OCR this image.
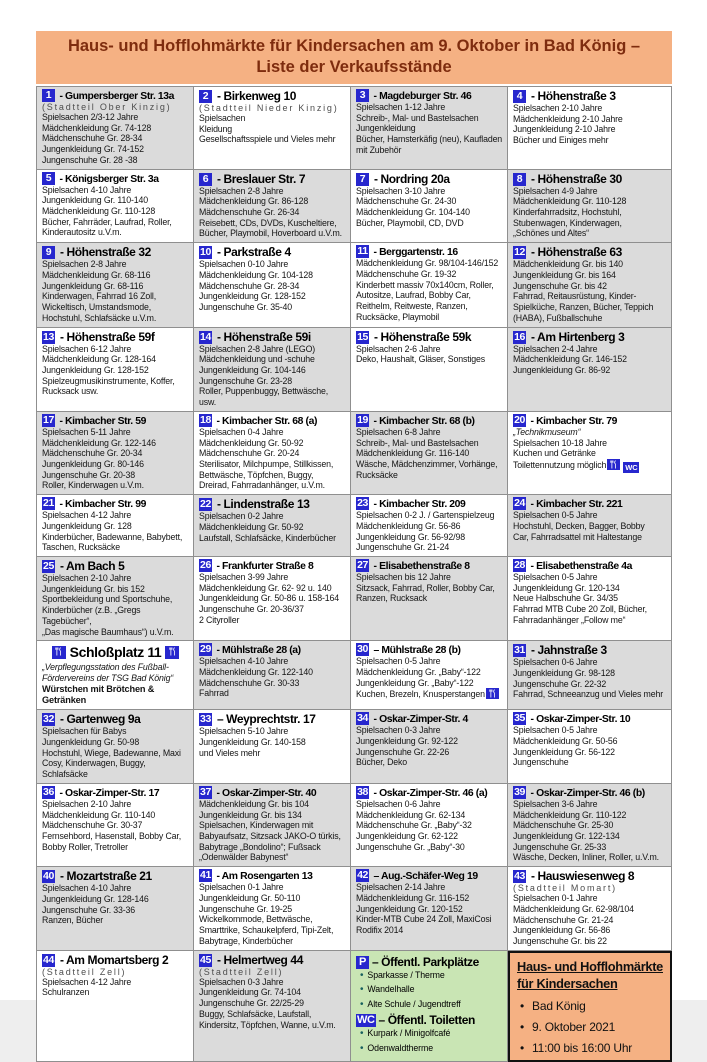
Haus- und Hofflohmärkte für Kindersachen am 9. Oktober in Bad König –
Liste der Verkaufsstände
1 - Gumpersberger Str. 13a
(Stadtteil Ober Kinzig)
Spielsachen 2/3-12 Jahre
Mädchenkleidung Gr. 74-128
Mädchenschuhe Gr. 28-34
Jungenkleidung Gr. 74-152
Jungenschuhe Gr. 28 -38
2 - Birkenweg 10
(Stadtteil Nieder Kinzig)
Spielsachen
Kleidung
Gesellschaftsspiele und Vieles mehr
3 - Magdeburger Str. 46
Spielsachen 1-12 Jahre
Schreib-, Mal- und Bastelsachen
Jungenkleidung
Bücher, Hamsterkäfig (neu), Kaufladen
mit Zubehör
4 - Höhenstraße 3
Spielsachen 2-10 Jahre
Mädchenkleidung 2-10 Jahre
Jungenkleidung 2-10 Jahre
Bücher und Einiges mehr
5 - Königsberger Str. 3a
Spielsachen 4-10 Jahre
Jungenkleidung Gr. 110-140
Mädchenkleidung Gr. 110-128
Bücher, Fahrräder, Laufrad, Roller,
Kinderautositz u.V.m.
6 - Breslauer Str. 7
Spielsachen 2-8 Jahre
Mädchenkleidung Gr. 86-128
Mädchenschuhe Gr. 26-34
Reisebett, CDs, DVDs, Kuscheltiere,
Bücher, Playmobil, Hoverboard u.V.m.
7 - Nordring 20a
Spielsachen 3-10 Jahre
Mädchenschuhe Gr. 24-30
Mädchenkleidung Gr. 104-140
Bücher, Playmobil, CD, DVD
8 - Höhenstraße 30
Spielsachen 4-9 Jahre
Mädchenkleidung Gr. 110-128
Kinderfahrradsitz, Hochstuhl,
Stubenwagen, Kinderwagen,
„Schönes und Altes“
9 - Höhenstraße 32
Spielsachen 2-8 Jahre
Mädchenkleidung Gr. 68-116
Jungenkleidung Gr. 68-116
Kinderwagen, Fahrrad 16 Zoll,
Wickeltisch, Umstandsmode,
Hochstuhl, Schlafsäcke u.V.m.
10 - Parkstraße 4
Spielsachen 0-10 Jahre
Mädchenkleidung Gr. 104-128
Mädchenschuhe Gr. 28-34
Jungenkleidung Gr. 128-152
Jungenschuhe Gr. 35-40
11 - Berggartenstr. 16
Mädchenkleidung Gr. 98/104-146/152
Mädchenschuhe Gr. 19-32
Kinderbett massiv 70x140cm, Roller,
Autositze, Laufrad, Bobby Car,
Reithelm, Reitweste, Ranzen,
Rucksäcke, Playmobil
12 - Höhenstraße 63
Mädchenkleidung Gr. bis 140
Jungenkleidung Gr. bis 164
Jungenschuhe Gr. bis 42
Fahrrad, Reitausrüstung, Kinder-
Spielküche, Ranzen, Bücher, Teppich
(HABA), Fußballschuhe
13 - Höhenstraße 59f
Spielsachen 6-12 Jahre
Mädchenkleidung Gr. 128-164
Jungenkleidung Gr. 128-152
Spielzeugmusikinstrumente, Koffer,
Rucksack usw.
14 - Höhenstraße 59i
Spielsachen 2-8 Jahre (LEGO)
Mädchenkleidung und -schuhe
Jungenkleidung Gr. 104-146
Jungenschuhe Gr. 23-28
Roller, Puppenbuggy, Bettwäsche, usw.
15 - Höhenstraße 59k
Spielsachen 2-6 Jahre
Deko, Haushalt, Gläser, Sonstiges
16 - Am Hirtenberg 3
Spielsachen 2-4 Jahre
Mädchenkleidung Gr. 146-152
Jungenkleidung Gr. 86-92
17 - Kimbacher Str. 59
Spielsachen 5-11 Jahre
Mädchenkleidung Gr. 122-146
Mädchenschuhe Gr. 20-34
Jungenkleidung Gr. 80-146
Jungenschuhe Gr. 20-38
Roller, Kinderwagen u.V.m.
18 - Kimbacher Str. 68 (a)
Spielsachen 0-4 Jahre
Mädchenkleidung Gr. 50-92
Mädchenschuhe Gr. 20-24
Sterilisator, Milchpumpe, Stillkissen,
Bettwäsche, Töpfchen, Buggy,
Dreirad, Fahrradanhänger, u.V.m.
19 - Kimbacher Str. 68 (b)
Spielsachen 6-8 Jahre
Schreib-, Mal- und Bastelsachen
Mädchenkleidung Gr. 116-140
Wäsche, Mädchenzimmer, Vorhänge,
Rucksäcke
20 - Kimbacher Str. 79
„Technikmuseum“
Spielsachen 10-18 Jahre
Kuchen und Getränke
Toilettennutzung möglich	WC
21 - Kimbacher Str. 99
Spielsachen 4-12 Jahre
Jungenkleidung Gr. 128
Kinderbücher, Badewanne, Babybett,
Taschen, Rucksäcke
22 - Lindenstraße 13
Spielsachen 0-2 Jahre
Mädchenkleidung Gr. 50-92
Laufstall, Schlafsäcke, Kinderbücher
23 - Kimbacher Str. 209
Spielsachen 0-2 J. / Gartenspielzeug
Mädchenkleidung Gr. 56-86
Jungenkleidung Gr. 56-92/98
Jungenschuhe Gr. 21-24
24 - Kimbacher Str. 221
Spielsachen 0-5 Jahre
Hochstuhl, Decken, Bagger, Bobby
Car, Fahrradsattel mit Haltestange
25 - Am Bach 5
Spielsachen 2-10 Jahre
Jungenkleidung Gr. bis 152
Sportbekleidung und Sportschuhe,
Kinderbücher (z.B. „Gregs Tagebücher“,
„Das magische Baumhaus“) u.V.m.
26 - Frankfurter Straße 8
Spielsachen 3-99 Jahre
Mädchenkleidung Gr. 62- 92 u. 140
Jungenkleidung Gr. 50-86 u. 158-164
Jungenschuhe Gr. 20-36/37
2 Cityroller
27 - Elisabethenstraße 8
Spielsachen bis 12 Jahre
Sitzsack, Fahrrad, Roller, Bobby Car,
Ranzen, Rucksack
28 - Elisabethenstraße 4a
Spielsachen 0-5 Jahre
Jungenkleidung Gr. 120-134
Neue Halbschuhe Gr. 34/35
Fahrrad MTB Cube 20 Zoll, Bücher,
Fahrradanhänger „Follow me“
Schloßplatz 11
„Verpflegungsstation des Fußball-
Fördervereins der TSG Bad König“
Würstchen mit Brötchen & Getränken
29 - Mühlstraße 28 (a)
Spielsachen 4-10 Jahre
Mädchenkleidung Gr. 122-140
Mädchenschuhe Gr. 30-33
Fahrrad
30 – Mühlstraße 28 (b)
Spielsachen 0-5 Jahre
Mädchenkleidung Gr. „Baby“-122
Jungenkleidung Gr. „Baby“-122
Kuchen, Brezeln, Knusperstangen
31 - Jahnstraße 3
Spielsachen 0-6 Jahre
Jungenkleidung Gr. 98-128
Jungenschuhe Gr. 22-32
Fahrrad, Schneeanzug und Vieles mehr
32 - Gartenweg 9a
Spielsachen für Babys
Jungenkleidung Gr. 50-98
Hochstuhl, Wiege, Badewanne, Maxi
Cosy, Kinderwagen, Buggy, Schlafsäcke
33 – Weyprechtstr. 17
Spielsachen 5-10 Jahre
Jungenkleidung Gr. 140-158
und Vieles mehr
34 - Oskar-Zimper-Str. 4
Spielsachen 0-3 Jahre
Jungenkleidung Gr. 92-122
Jungenschuhe Gr. 22-26
Bücher, Deko
35 - Oskar-Zimper-Str. 10
Spielsachen 0-5 Jahre
Mädchenkleidung Gr. 50-56
Jungenkleidung Gr. 56-122
Jungenschuhe
36 - Oskar-Zimper-Str. 17
Spielsachen 2-10 Jahre
Mädchenkleidung Gr. 110-140
Mädchenschuhe Gr. 30-37
Fernsehbord, Hasenstall, Bobby Car,
Bobby Roller, Tretroller
37 - Oskar-Zimper-Str. 40
Mädchenkleidung Gr. bis 104
Jungenkleidung Gr. bis 134
Spielsachen, Kinderwagen mit
Babyaufsatz, Sitzsack JAKO-O türkis,
Babytrage „Bondolino“; Fußsack
„Odenwälder Babynest“
38 - Oskar-Zimper-Str. 46 (a)
Spielsachen 0-6 Jahre
Mädchenkleidung Gr. 62-134
Mädchenschuhe Gr. „Baby“-32
Jungenkleidung Gr. 62-122
Jungenschuhe Gr. „Baby“-30
39 - Oskar-Zimper-Str. 46 (b)
Spielsachen 3-6 Jahre
Mädchenkleidung Gr. 110-122
Mädchenschuhe Gr. 25-30
Jungenkleidung Gr. 122-134
Jungenschuhe Gr. 25-33
Wäsche, Decken, Inliner, Roller, u.V.m.
40 - Mozartstraße 21
Spielsachen 4-10 Jahre
Jungenkleidung Gr. 128-146
Jungenschuhe Gr. 33-36
Ranzen, Bücher
41 - Am Rosengarten 13
Spielsachen 0-1 Jahre
Jungenkleidung Gr. 50-110
Jungenschuhe Gr. 19-25
Wickelkommode, Bettwäsche,
Smarttrike, Schaukelpferd, Tipi-Zelt,
Babytrage, Kinderbücher
42 – Aug.-Schäfer-Weg 19
Spielsachen 2-14 Jahre
Mädchenkleidung Gr. 116-152
Jungenkleidung Gr. 120-152
Kinder-MTB Cube 24 Zoll, MaxiCosi
Rodifix 2014
43 - Hauswiesenweg 8
(Stadtteil Momart)
Spielsachen 0-1 Jahre
Mädchenkleidung Gr. 62-98/104
Mädchenschuhe Gr. 21-24
Jungenkleidung Gr. 56-86
Jungenschuhe Gr. bis 22
44 - Am Momartsberg 2
(Stadtteil Zell)
Spielsachen 4-12 Jahre
Schulranzen
45 - Helmertweg 44
(Stadtteil Zell)
Spielsachen 0-3 Jahre
Jungenkleidung Gr. 74-104
Jungenschuhe Gr. 22/25-29
Buggy, Schlafsäcke, Laufstall,
Kindersitz, Töpfchen, Wanne, u.V.m.
P – Öffentl. Parkplätze
• Sparkasse / Therme
• Wandelhalle
• Alte Schule / Jugendtreff
WC – Öffentl. Toiletten
• Kurpark / Minigolfcafé
• Odenwaldtherme
Haus- und Hofflohmärkte
für Kindersachen
• Bad König
• 9. Oktober 2021
• 11:00 bis 16:00 Uhr
